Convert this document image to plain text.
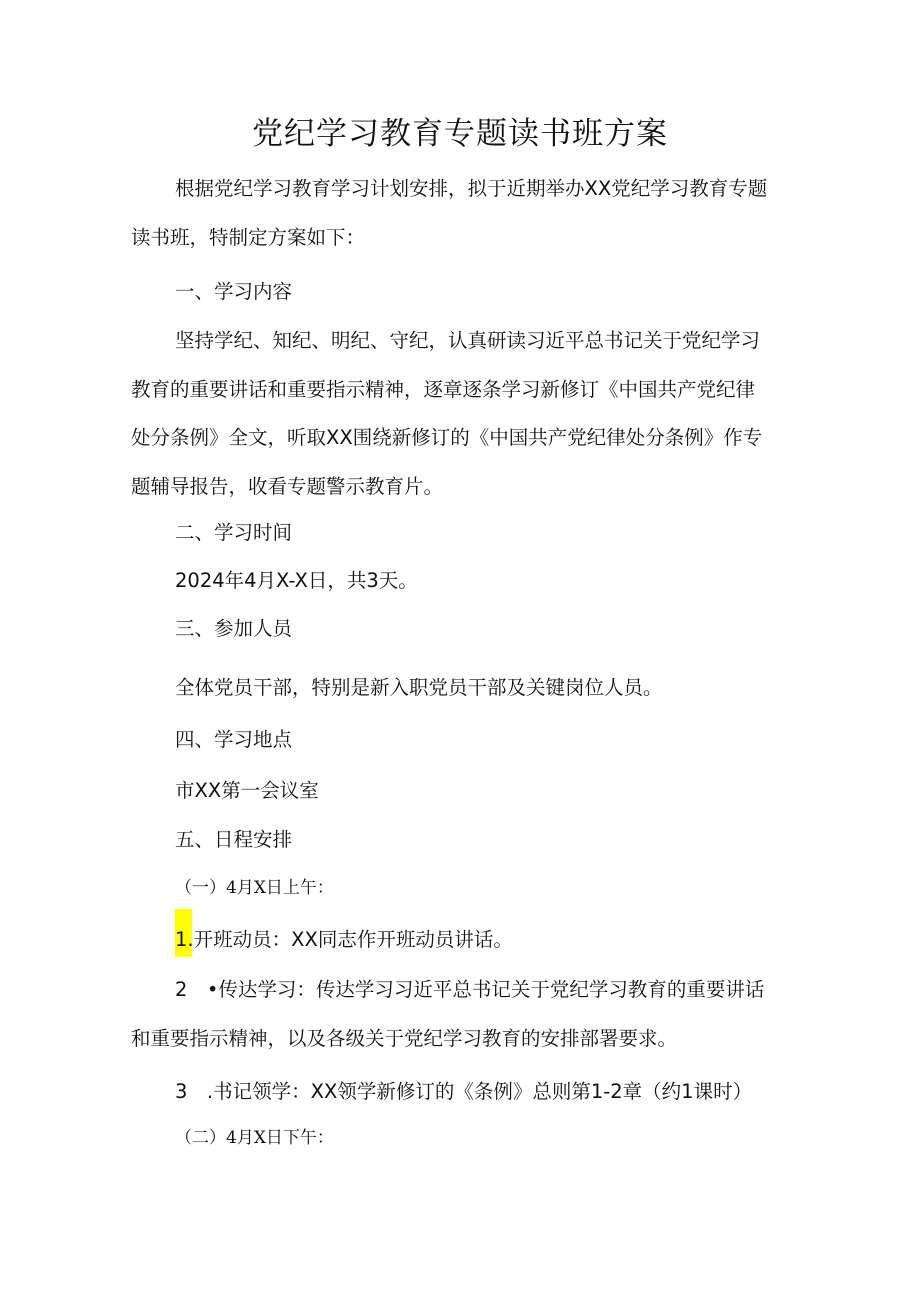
党纪学习教育专题读书班方案
根据党纪学习教育学习计划安排，拟于近期举办XX党纪学习教育专题
读书班，特制定方案如下：
一、学习内容
坚持学纪、知纪、明纪、守纪，认真研读习近平总书记关于党纪学习
教育的重要讲话和重要指示精神，逐章逐条学习新修订《中国共产党纪律
处分条例》全文，听取XX围绕新修订的《中国共产党纪律处分条例》作专
题辅导报告，收看专题警示教育片。
二、学习时间
2024年4月X-X日，共3天。
三、参加人员
全体党员干部，特别是新入职党员干部及关键岗位人员。
四、学习地点
市XX第一会议室
五、日程安排
（一）4月X日上午：
1.开班动员：XX同志作开班动员讲话。
2　•传达学习：传达学习习近平总书记关于党纪学习教育的重要讲话
和重要指示精神，以及各级关于党纪学习教育的安排部署要求。
3　.书记领学：XX领学新修订的《条例》总则第1-2章（约1课时）
（二）4月X日下午：
